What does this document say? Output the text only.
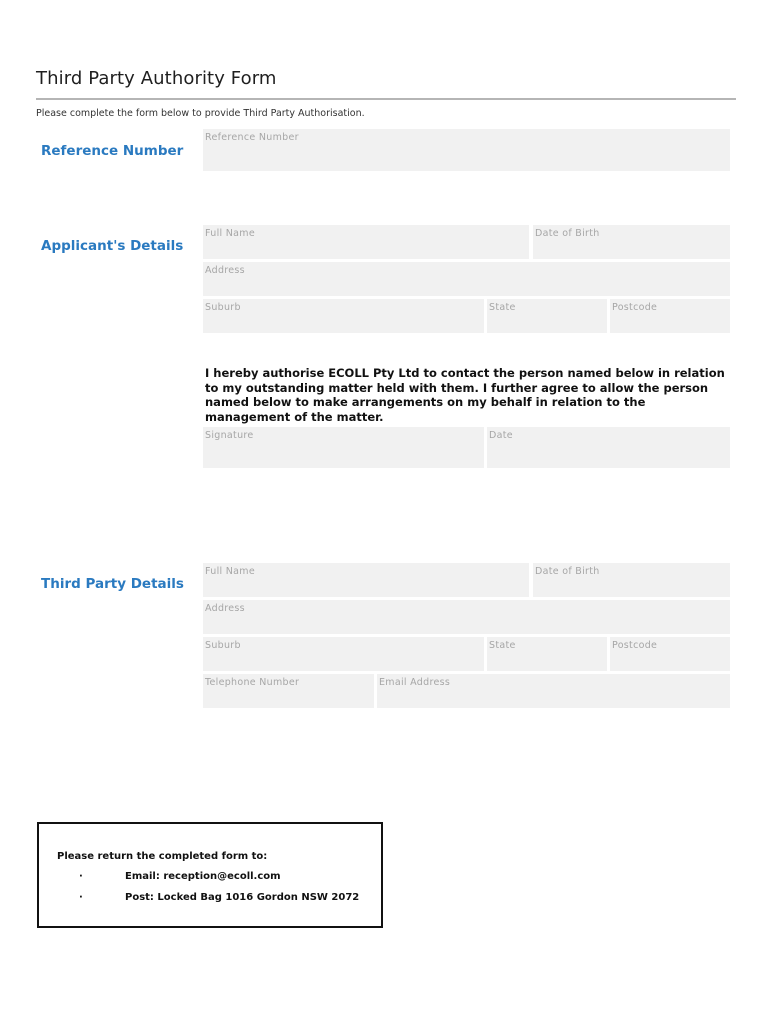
Third Party Authority Form
Please complete the form below to provide Third Party Authorisation.
Reference Number
Reference Number
Applicant's Details
Full Name	Date of Birth
Address
Suburb	State	Postcode
I hereby authorise ECOLL Pty Ltd to contact the person named below in relation to my outstanding matter held with them. I further agree to allow the person named below to make arrangements on my behalf in relation to the management of the matter.
Signature	Date
Third Party Details
Full Name	Date of Birth
Address
Suburb	State	Postcode
Telephone Number	Email Address
Please return the completed form to:
·	Email: reception@ecoll.com
·	Post: Locked Bag 1016 Gordon NSW 2072
